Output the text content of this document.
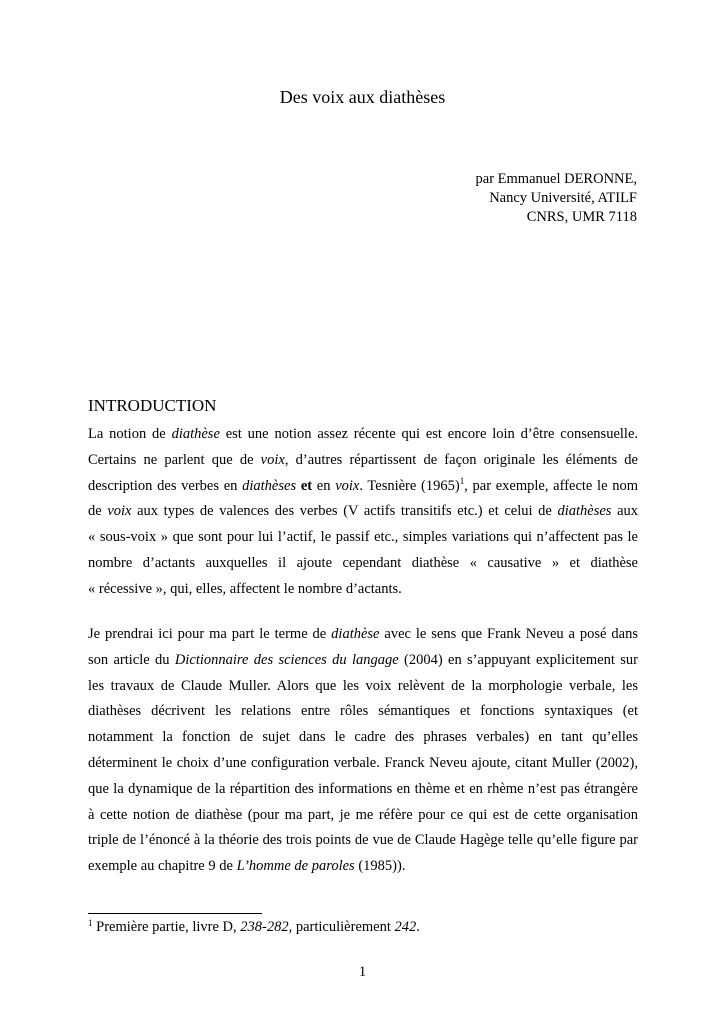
Des voix aux diathèses
par Emmanuel DERONNE,
Nancy Université, ATILF
CNRS, UMR 7118
INTRODUCTION
La notion de diathèse est une notion assez récente qui est encore loin d’être consensuelle.
Certains ne parlent que de voix, d’autres répartissent de façon originale les éléments de
description des verbes en diathèses et en voix. Tesnière $(1965)^1$, par exemple, affecte le nom
de voix aux types de valences des verbes (V actifs transitifs etc.) et celui de diathèses aux
« sous-voix » que sont pour lui l’actif, le passif etc., simples variations qui n’affectent pas le
nombre d’actants auxquelles il ajoute cependant diathèse « causative » et diathèse
« récessive », qui, elles, affectent le nombre d’actants.
Je prendrai ici pour ma part le terme de diathèse avec le sens que Frank Neveu a posé dans
son article du Dictionnaire des sciences du langage (2004) en s’appuyant explicitement sur
les travaux de Claude Muller. Alors que les voix relèvent de la morphologie verbale, les
diathèses décrivent les relations entre rôles sémantiques et fonctions syntaxiques (et
notamment la fonction de sujet dans le cadre des phrases verbales) en tant qu’elles
déterminent le choix d’une configuration verbale. Franck Neveu ajoute, citant Muller (2002),
que la dynamique de la répartition des informations en thème et en rhème n’est pas étrangère
à cette notion de diathèse (pour ma part, je me réfère pour ce qui est de cette organisation
triple de l’énoncé à la théorie des trois points de vue de Claude Hagège telle qu’elle figure par
exemple au chapitre 9 de L’homme de paroles (1985)).
$^1$ Première partie, livre D, 238-282, particulièrement 242.
1
